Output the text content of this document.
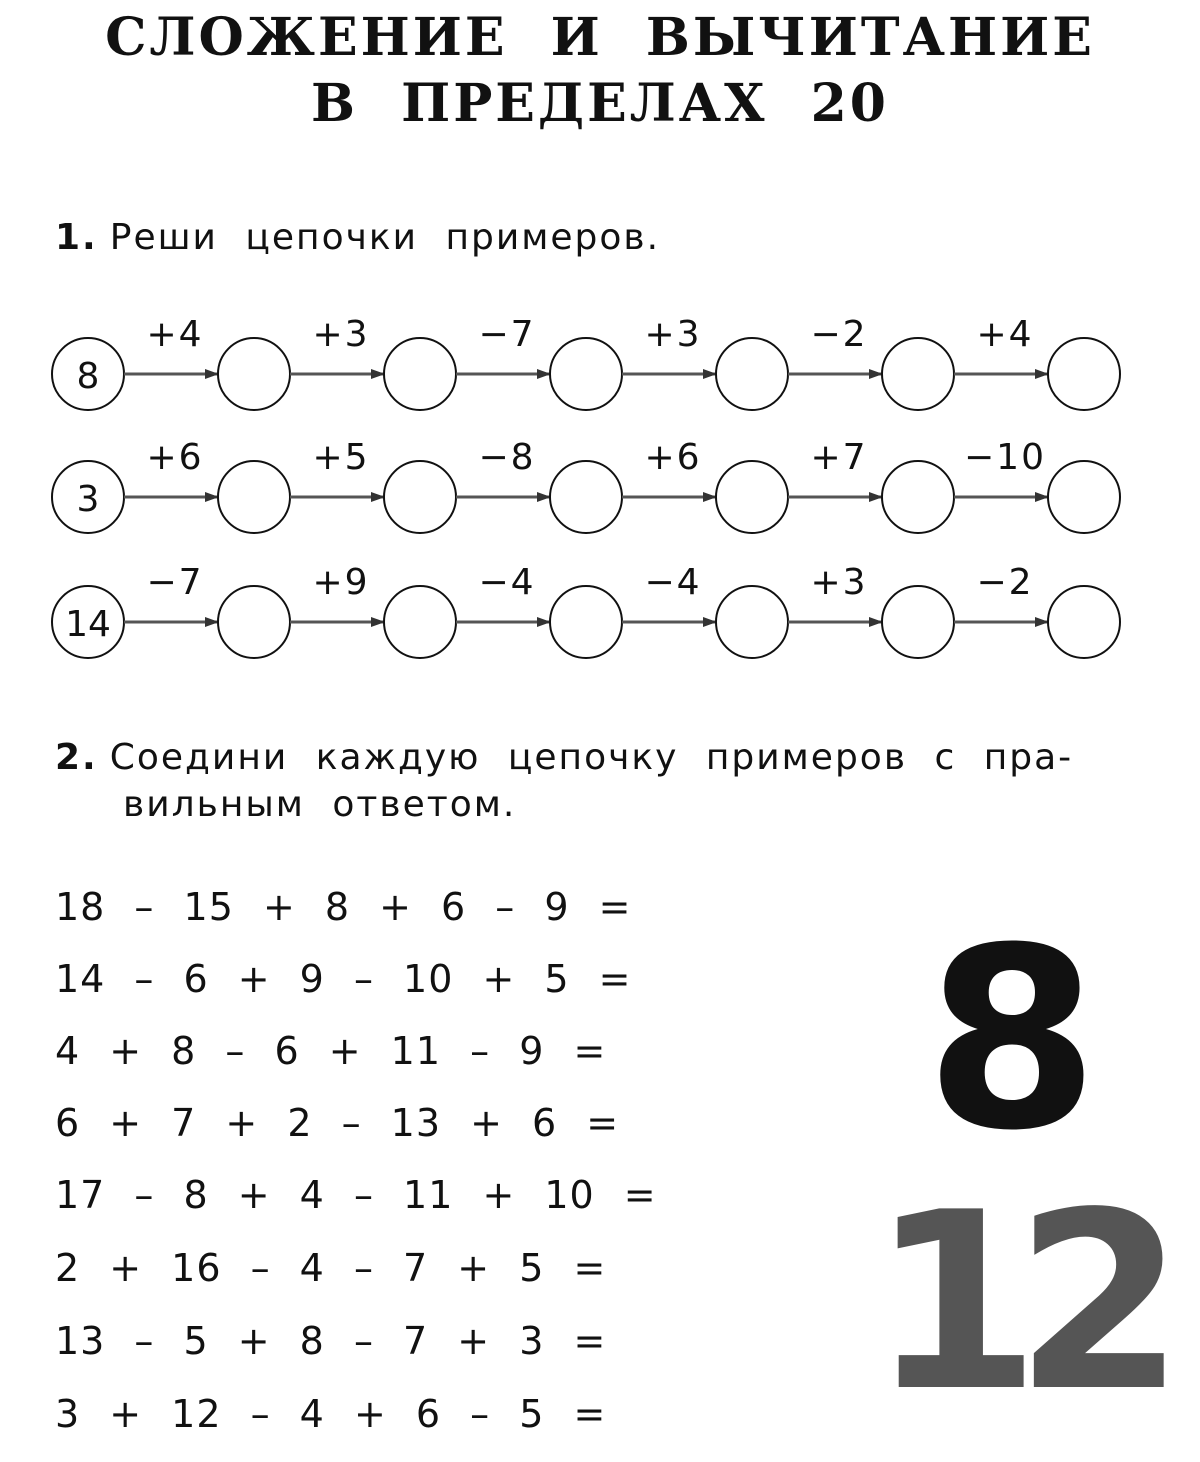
СЛОЖЕНИЕ И ВЫЧИТАНИЕ
В ПРЕДЕЛАХ 20
1. Реши цепочки примеров.
8
+4	+3	−7	+3	−2	+4
3
+6	+5	−8	+6	+7	−10
14
−7	+9	−4	−4	+3	−2
2. Соедини каждую цепочку примеров с пра-
вильным ответом.
18 – 15 + 8 + 6 – 9 =
14 – 6 + 9 – 10 + 5 =
4 + 8 – 6 + 11 – 9 =
6 + 7 + 2 – 13 + 6 =
17 – 8 + 4 – 11 + 10 =
2 + 16 – 4 – 7 + 5 =
13 – 5 + 8 – 7 + 3 =
3 + 12 – 4 + 6 – 5 =
8
12
